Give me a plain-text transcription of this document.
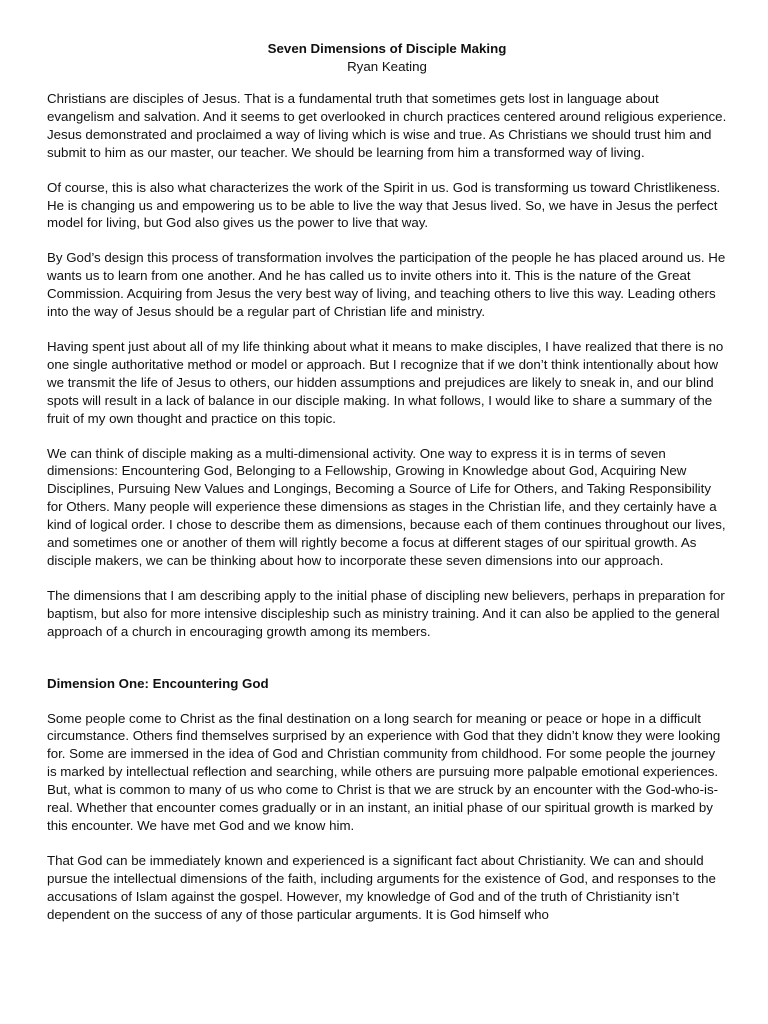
Seven Dimensions of Disciple Making

Ryan Keating

Christians are disciples of Jesus. That is a fundamental truth that sometimes gets lost in language about evangelism and salvation. And it seems to get overlooked in church practices centered around religious experience. Jesus demonstrated and proclaimed a way of living which is wise and true. As Christians we should trust him and submit to him as our master, our teacher. We should be learning from him a transformed way of living.

Of course, this is also what characterizes the work of the Spirit in us. God is transforming us toward Christlikeness. He is changing us and empowering us to be able to live the way that Jesus lived. So, we have in Jesus the perfect model for living, but God also gives us the power to live that way.

By God’s design this process of transformation involves the participation of the people he has placed around us. He wants us to learn from one another. And he has called us to invite others into it. This is the nature of the Great Commission. Acquiring from Jesus the very best way of living, and teaching others to live this way. Leading others into the way of Jesus should be a regular part of Christian life and ministry.

Having spent just about all of my life thinking about what it means to make disciples, I have realized that there is no one single authoritative method or model or approach. But I recognize that if we don’t think intentionally about how we transmit the life of Jesus to others, our hidden assumptions and prejudices are likely to sneak in, and our blind spots will result in a lack of balance in our disciple making. In what follows, I would like to share a summary of the fruit of my own thought and practice on this topic.

We can think of disciple making as a multi-dimensional activity. One way to express it is in terms of seven dimensions: Encountering God, Belonging to a Fellowship, Growing in Knowledge about God, Acquiring New Disciplines, Pursuing New Values and Longings, Becoming a Source of Life for Others, and Taking Responsibility for Others. Many people will experience these dimensions as stages in the Christian life, and they certainly have a kind of logical order. I chose to describe them as dimensions, because each of them continues throughout our lives, and sometimes one or another of them will rightly become a focus at different stages of our spiritual growth. As disciple makers, we can be thinking about how to incorporate these seven dimensions into our approach.

The dimensions that I am describing apply to the initial phase of discipling new believers, perhaps in preparation for baptism, but also for more intensive discipleship such as ministry training. And it can also be applied to the general approach of a church in encouraging growth among its members.

Dimension One: Encountering God

Some people come to Christ as the final destination on a long search for meaning or peace or hope in a difficult circumstance. Others find themselves surprised by an experience with God that they didn’t know they were looking for. Some are immersed in the idea of God and Christian community from childhood. For some people the journey is marked by intellectual reflection and searching, while others are pursuing more palpable emotional experiences. But, what is common to many of us who come to Christ is that we are struck by an encounter with the God-who-is-real. Whether that encounter comes gradually or in an instant, an initial phase of our spiritual growth is marked by this encounter. We have met God and we know him.

That God can be immediately known and experienced is a significant fact about Christianity. We can and should pursue the intellectual dimensions of the faith, including arguments for the existence of God, and responses to the accusations of Islam against the gospel. However, my knowledge of God and of the truth of Christianity isn’t dependent on the success of any of those particular arguments. It is God himself who
